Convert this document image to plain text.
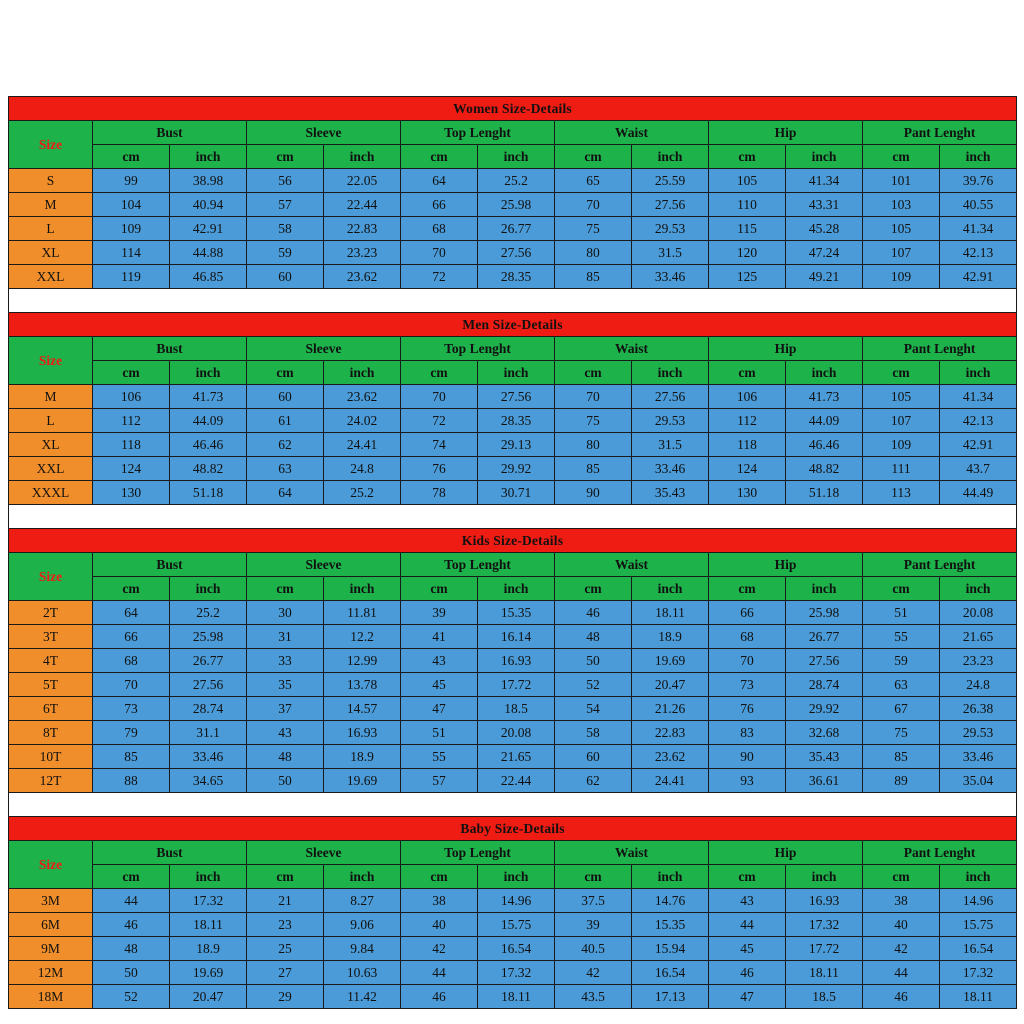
Women Size-Details												
Size	Bust		Sleeve		Top Lenght		Waist		Hip		Pant Lenght	
	cm	inch	cm	inch	cm	inch	cm	inch	cm	inch	cm	inch
S	99	38.98	56	22.05	64	25.2	65	25.59	105	41.34	101	39.76
M	104	40.94	57	22.44	66	25.98	70	27.56	110	43.31	103	40.55
L	109	42.91	58	22.83	68	26.77	75	29.53	115	45.28	105	41.34
XL	114	44.88	59	23.23	70	27.56	80	31.5	120	47.24	107	42.13
XXL	119	46.85	60	23.62	72	28.35	85	33.46	125	49.21	109	42.91

Men Size-Details												
Size	Bust		Sleeve		Top Lenght		Waist		Hip		Pant Lenght	
	cm	inch	cm	inch	cm	inch	cm	inch	cm	inch	cm	inch
M	106	41.73	60	23.62	70	27.56	70	27.56	106	41.73	105	41.34
L	112	44.09	61	24.02	72	28.35	75	29.53	112	44.09	107	42.13
XL	118	46.46	62	24.41	74	29.13	80	31.5	118	46.46	109	42.91
XXL	124	48.82	63	24.8	76	29.92	85	33.46	124	48.82	111	43.7
XXXL	130	51.18	64	25.2	78	30.71	90	35.43	130	51.18	113	44.49

Kids Size-Details												
Size	Bust		Sleeve		Top Lenght		Waist		Hip		Pant Lenght	
	cm	inch	cm	inch	cm	inch	cm	inch	cm	inch	cm	inch
2T	64	25.2	30	11.81	39	15.35	46	18.11	66	25.98	51	20.08
3T	66	25.98	31	12.2	41	16.14	48	18.9	68	26.77	55	21.65
4T	68	26.77	33	12.99	43	16.93	50	19.69	70	27.56	59	23.23
5T	70	27.56	35	13.78	45	17.72	52	20.47	73	28.74	63	24.8
6T	73	28.74	37	14.57	47	18.5	54	21.26	76	29.92	67	26.38
8T	79	31.1	43	16.93	51	20.08	58	22.83	83	32.68	75	29.53
10T	85	33.46	48	18.9	55	21.65	60	23.62	90	35.43	85	33.46
12T	88	34.65	50	19.69	57	22.44	62	24.41	93	36.61	89	35.04

Baby Size-Details												
Size	Bust		Sleeve		Top Lenght		Waist		Hip		Pant Lenght	
	cm	inch	cm	inch	cm	inch	cm	inch	cm	inch	cm	inch
3M	44	17.32	21	8.27	38	14.96	37.5	14.76	43	16.93	38	14.96
6M	46	18.11	23	9.06	40	15.75	39	15.35	44	17.32	40	15.75
9M	48	18.9	25	9.84	42	16.54	40.5	15.94	45	17.72	42	16.54
12M	50	19.69	27	10.63	44	17.32	42	16.54	46	18.11	44	17.32
18M	52	20.47	29	11.42	46	18.11	43.5	17.13	47	18.5	46	18.11
